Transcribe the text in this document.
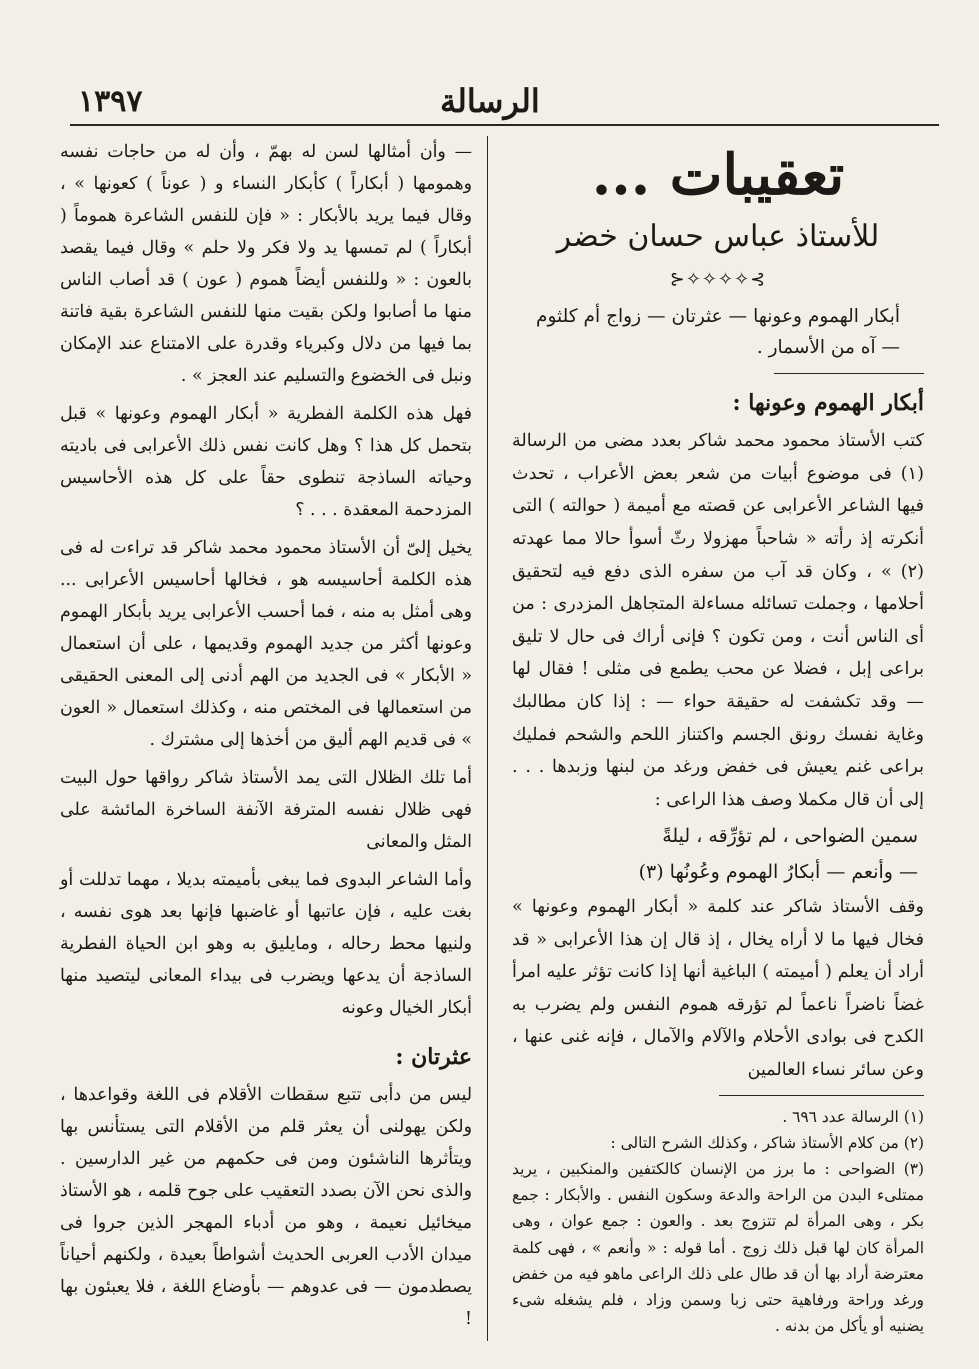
١٣٩٧	الرسالة
تعقيبات ...
للأستاذ عباس حسان خضر
⊱✧✧✧✧⊰

أبكار الهموم وعونها — عثرتان — زواج أم كلثوم — آه من الأسمار .

أبكار الهموم وعونها :

كتب الأستاذ محمود محمد شاكر بعدد مضى من الرسالة (١) فى موضوع أبيات من شعر بعض الأعراب ، تحدث فيها الشاعر الأعرابى عن قصته مع أميمة ( حوالته ) التى أنكرته إذ رأته « شاحباً مهزولا رثّ أسوأ حالا مما عهدته (٢) » ، وكان قد آب من سفره الذى دفع فيه لتحقيق أحلامها ، وجملت تسائله مساءلة المتجاهل المزدرى : من أى الناس أنت ، ومن تكون ؟ فإنى أراك فى حال لا تليق براعى إبل ، فضلا عن محب يطمع فى مثلى ! فقال لها — وقد تكشفت له حقيقة حواء — : إذا كان مطالبك وغاية نفسك رونق الجسم واكتناز اللحم والشحم فمليك براعى غنم يعيش فى خفض ورغد من لبنها وزبدها . . . إلى أن قال مكملا وصف هذا الراعى :

سمين الضواحى ، لم تؤرِّقه ، ليلةً
— وأنعم — أبكارُ الهموم وعُونُها (٣)

وقف الأستاذ شاكر عند كلمة « أبكار الهموم وعونها » فخال فيها ما لا أراه يخال ، إذ قال إن هذا الأعرابى « قد أراد أن يعلم ( أميمته ) الباغية أنها إذا كانت تؤثر عليه امرأ غضاً ناضراً ناعماً لم تؤرقه هموم النفس ولم يضرب به الكدح فى بوادى الأحلام والآلام والآمال ، فإنه غنى عنها ، وعن سائر نساء العالمين

(١) الرسالة عدد ٦٩٦ .

(٢) من كلام الأستاذ شاكر ، وكذلك الشرح التالى :

(٣) الضواحى : ما برز من الإنسان كالكتفين والمنكبين ، يريد ممتلىء البدن من الراحة والدعة وسكون النفس . والأبكار : جمع بكر ، وهى المرأة لم تتزوج بعد . والعون : جمع عوان ، وهى المرأة كان لها قبل ذلك زوج . أما قوله : « وأنعم » ، فهى كلمة معترضة أراد بها أن قد طال على ذلك الراعى ماهو فيه من خفض ورغد وراحة ورفاهية حتى زبا وسمن وزاد ، فلم يشغله شىء يضنيه أو يأكل من بدنه .

— وأن أمثالها لسن له بهمّ ، وأن له من حاجات نفسه وهمومها ( أبكاراً ) كأبكار النساء و ( عوناً ) كعونها » ، وقال فيما يريد بالأبكار : « فإن للنفس الشاعرة هموماً ( أبكاراً ) لم تمسها يد ولا فكر ولا حلم » وقال فيما يقصد بالعون : « وللنفس أيضاً هموم ( عون ) قد أصاب الناس منها ما أصابوا ولكن بقيت منها للنفس الشاعرة بقية فاتنة بما فيها من دلال وكبرياء وقدرة على الامتناع عند الإمكان ونبل فى الخضوع والتسليم عند العجز » .

فهل هذه الكلمة الفطرية « أبكار الهموم وعونها » قبل بتحمل كل هذا ؟ وهل كانت نفس ذلك الأعرابى فى باديته وحياته الساذجة تنطوى حقاً على كل هذه الأحاسيس المزدحمة المعقدة . . . ؟

يخيل إلىّ أن الأستاذ محمود محمد شاكر قد تراءت له فى هذه الكلمة أحاسيسه هو ، فخالها أحاسيس الأعرابى ... وهى أمثل به منه ، فما أحسب الأعرابى يريد بأبكار الهموم وعونها أكثر من جديد الهموم وقديمها ، على أن استعمال « الأبكار » فى الجديد من الهم أدنى إلى المعنى الحقيقى من استعمالها فى المختص منه ، وكذلك استعمال « العون » فى قديم الهم أليق من أخذها إلى مشترك .

أما تلك الظلال التى يمد الأستاذ شاكر رواقها حول البيت فهى ظلال نفسه المترفة الآنفة الساخرة المائشة على المثل والمعانى

وأما الشاعر البدوى فما يبغى بأميمته بديلا ، مهما تدللت أو بغت عليه ، فإن عاتبها أو غاضبها فإنها بعد هوى نفسه ، ولنيها محط رحاله ، ومايليق به وهو ابن الحياة الفطرية الساذجة أن يدعها ويضرب فى بيداء المعانى ليتصيد منها أبكار الخيال وعونه

عثرتان :

ليس من دأبى تتبع سقطات الأقلام فى اللغة وقواعدها ، ولكن يهولنى أن يعثر قلم من الأقلام التى يستأنس بها ويتأثرها الناشئون ومن فى حكمهم من غير الدارسين . والذى نحن الآن بصدد التعقيب على جوح قلمه ، هو الأستاذ ميخائيل نعيمة ، وهو من أدباء المهجر الذين جروا فى ميدان الأدب العربى الحديث أشواطاً بعيدة ، ولكنهم أحياناً يصطدمون — فى عدوهم — بأوضاع اللغة ، فلا يعبئون بها !
